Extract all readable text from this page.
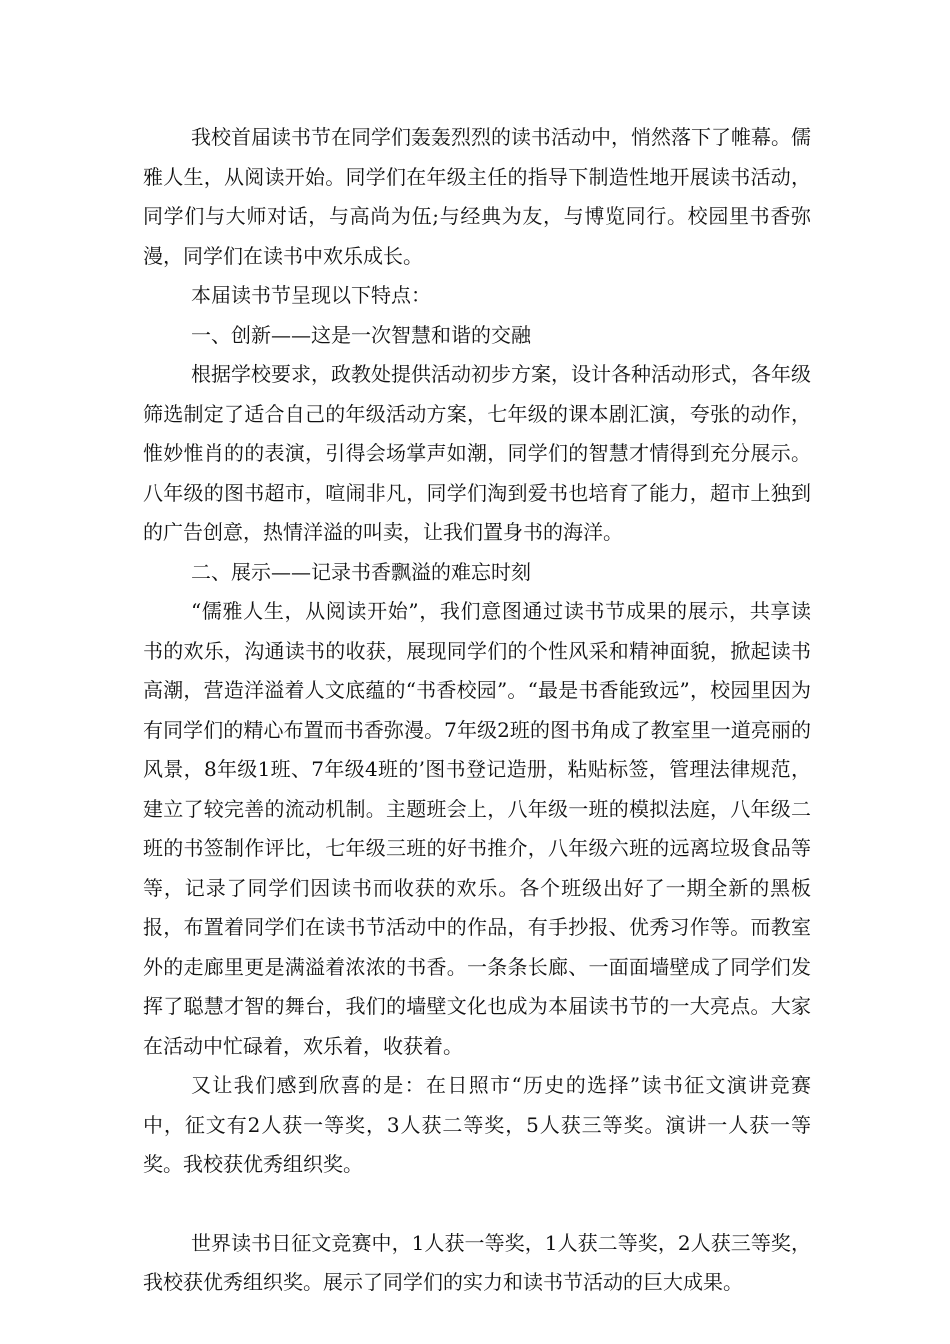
我校首届读书节在同学们轰轰烈烈的读书活动中，悄然落下了帷幕。儒雅人生，从阅读开始。同学们在年级主任的指导下制造性地开展读书活动，同学们与大师对话，与高尚为伍;与经典为友，与博览同行。校园里书香弥漫，同学们在读书中欢乐成长。

本届读书节呈现以下特点：

一、创新——这是一次智慧和谐的交融

根据学校要求，政教处提供活动初步方案，设计各种活动形式，各年级筛选制定了适合自己的年级活动方案，七年级的课本剧汇演，夸张的动作，惟妙惟肖的的表演，引得会场掌声如潮，同学们的智慧才情得到充分展示。八年级的图书超市，喧闹非凡，同学们淘到爱书也培育了能力，超市上独到的广告创意，热情洋溢的叫卖，让我们置身书的海洋。

二、展示——记录书香飘溢的难忘时刻

“儒雅人生，从阅读开始”，我们意图通过读书节成果的展示，共享读书的欢乐，沟通读书的收获，展现同学们的个性风采和精神面貌，掀起读书高潮，营造洋溢着人文底蕴的“书香校园”。“最是书香能致远”，校园里因为有同学们的精心布置而书香弥漫。7年级2班的图书角成了教室里一道亮丽的风景，8年级1班、7年级4班的’图书登记造册，粘贴标签，管理法律规范，建立了较完善的流动机制。主题班会上，八年级一班的模拟法庭，八年级二班的书签制作评比，七年级三班的好书推介，八年级六班的远离垃圾食品等等，记录了同学们因读书而收获的欢乐。各个班级出好了一期全新的黑板报，布置着同学们在读书节活动中的作品，有手抄报、优秀习作等。而教室外的走廊里更是满溢着浓浓的书香。一条条长廊、一面面墙壁成了同学们发挥了聪慧才智的舞台，我们的墙壁文化也成为本届读书节的一大亮点。大家在活动中忙碌着，欢乐着，收获着。

又让我们感到欣喜的是：在日照市“历史的选择”读书征文演讲竞赛中，征文有2人获一等奖，3人获二等奖，5人获三等奖。演讲一人获一等奖。我校获优秀组织奖。

世界读书日征文竞赛中，1人获一等奖，1人获二等奖，2人获三等奖，我校获优秀组织奖。展示了同学们的实力和读书节活动的巨大成果。
